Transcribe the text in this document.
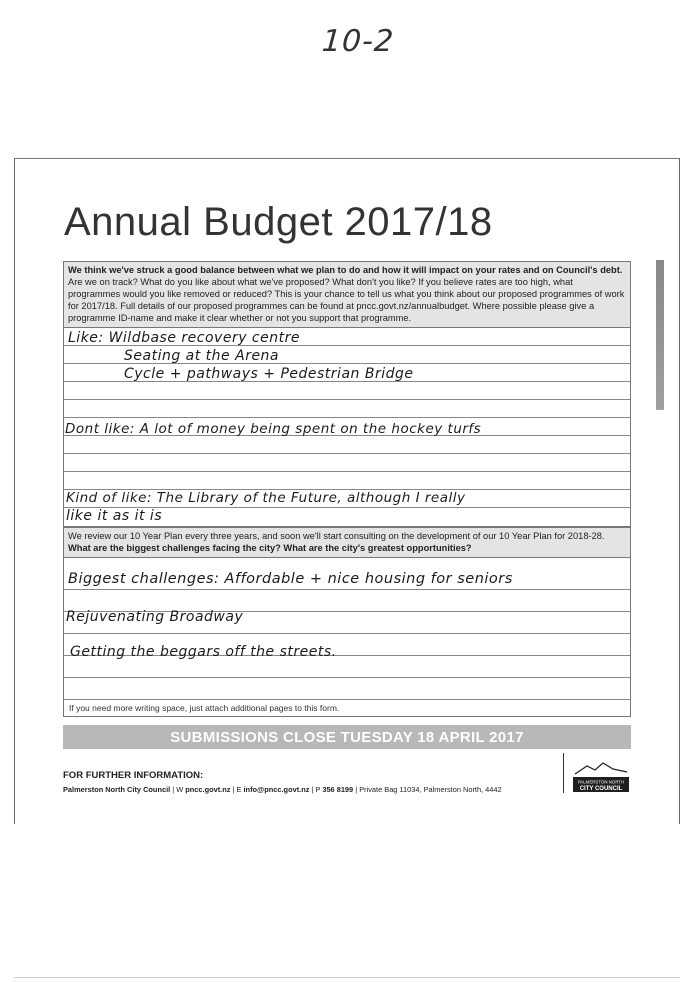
10-2
Annual Budget 2017/18
We think we've struck a good balance between what we plan to do and how it will impact on your rates and on Council's debt. Are we on track? What do you like about what we've proposed? What don't you like? If you believe rates are too high, what programmes would you like removed or reduced? This is your chance to tell us what you think about our proposed programmes of work for 2017/18. Full details of our proposed programmes can be found at pncc.govt.nz/annualbudget. Where possible please give a programme ID-name and make it clear whether or not you support that programme.
Like: Wildbase recovery centre
Seating at the Arena
Cycle + pathways + Pedestrian Bridge
Dont like: A lot of money being spent on the hockey turfs
Kind of like: The Library of the Future, although I really
like it as it is
We review our 10 Year Plan every three years, and soon we'll start consulting on the development of our 10 Year Plan for 2018-28.
What are the biggest challenges facing the city? What are the city's greatest opportunities?
If you need more writing space, just attach additional pages to this form.
Biggest challenges: Affordable + nice housing for seniors
Rejuvenating Broadway
Getting the beggars off the streets.
SUBMISSIONS CLOSE TUESDAY 18 APRIL 2017
FOR FURTHER INFORMATION:
Palmerston North City Council | W pncc.govt.nz | E info@pncc.govt.nz | P 356 8199 | Private Bag 11034, Palmerston North, 4442
PALMERSTON NORTH
CITY COUNCIL
